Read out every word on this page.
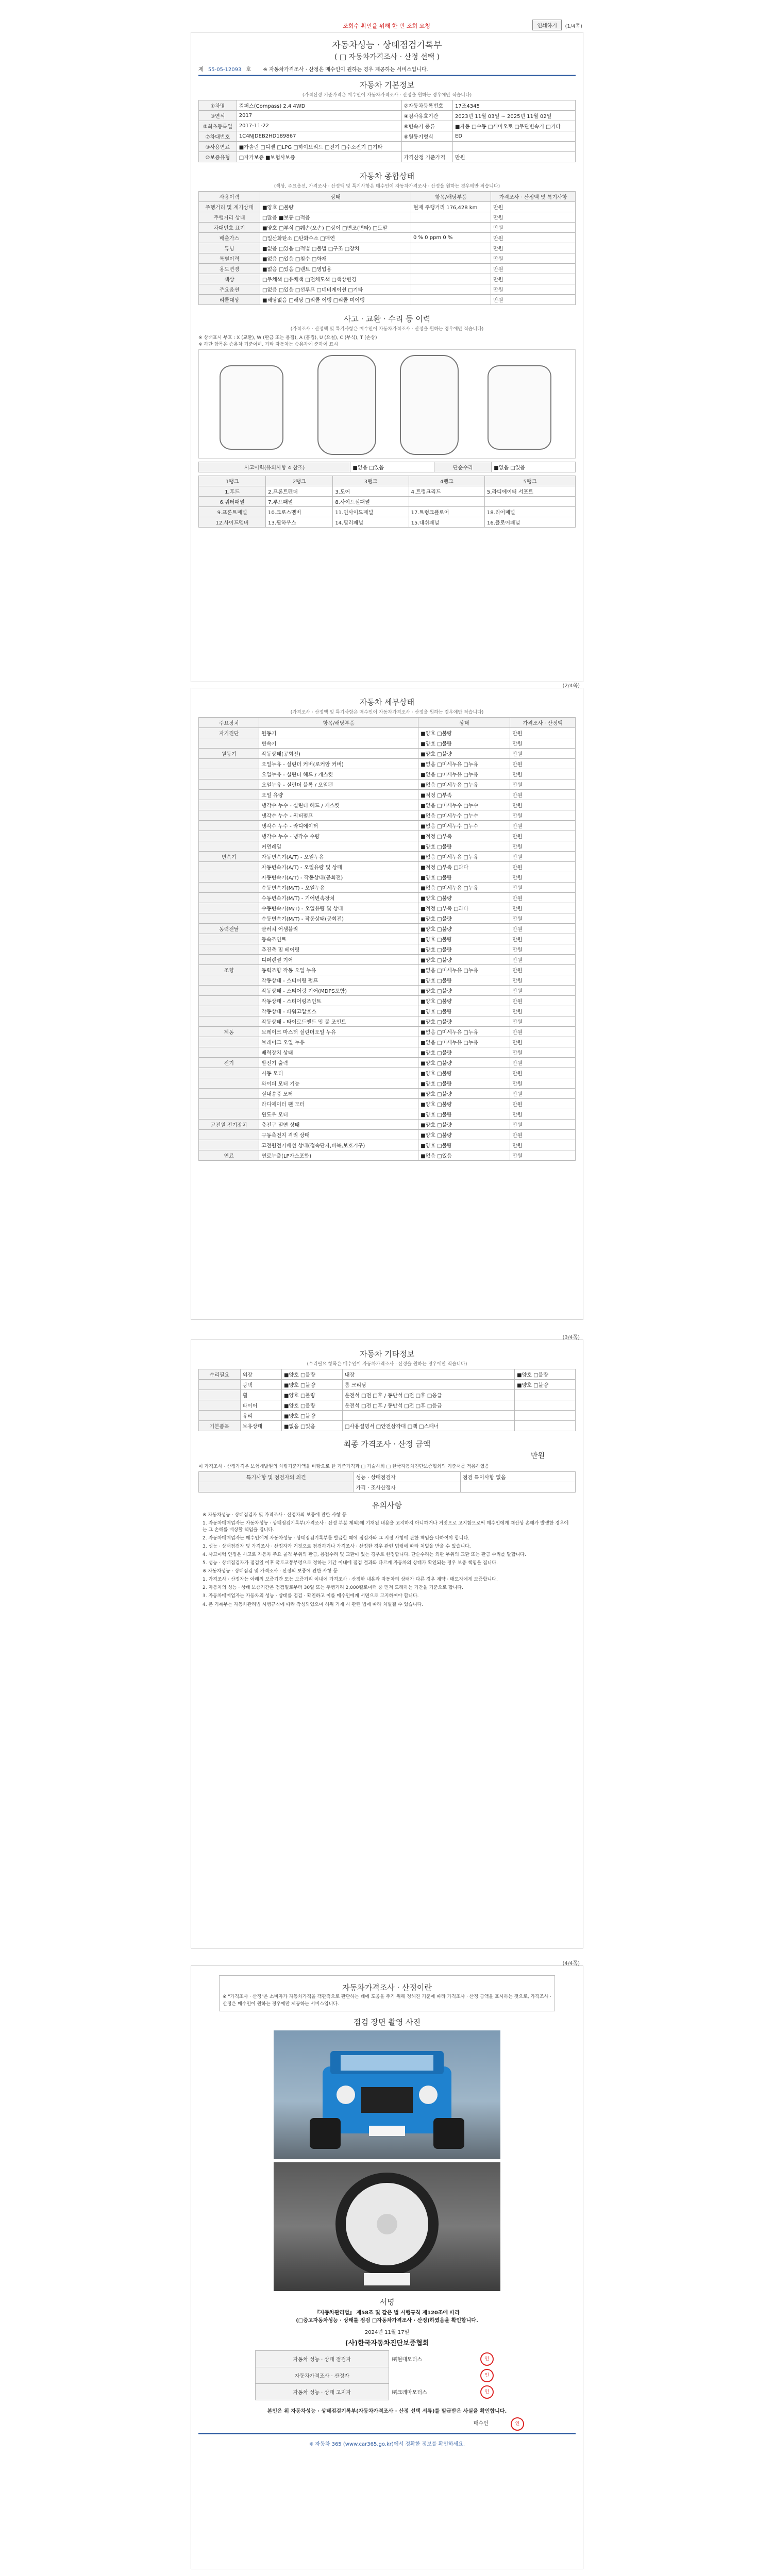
조회수 확인을 위해 한 번 조회 요청	인쇄하기	(1/4쪽)
자동차성능 · 상태점검기록부
( □ 자동차가격조사 · 산정 선택 )
제 55-05-12093 호 ※ 자동차가격조사 · 산정은 매수인이 원하는 경우 제공하는 서비스입니다.
자동차 기본정보
(가격산정 기준가격은 매수인이 자동차가격조사 · 산정을 원하는 경우에만 적습니다)
①차명	컴퍼스(Compass) 2.4 4WD	②자동차등록번호	17조4345
③연식	2017	④검사유효기간	2023년 11월 03일 ~ 2025년 11월 02일
⑤최초등록일	2017-11-22	⑥변속기 종류	■자동 □수동 □세미오토 □무단변속기 □기타
⑦차대번호	1C4NJDEB2HD189867	⑧원동기형식	ED
⑨사용연료	■가솔린 □디젤 □LPG □하이브리드 □전기 □수소전기 □기타		
⑩보증유형	□자가보증 ■보험사보증	가격산정 기준가격	만원
자동차 종합상태
(색상, 주요옵션, 가격조사 · 산정액 및 특기사항은 매수인이 자동차가격조사 · 산정을 원하는 경우에만 적습니다)
사용이력	상태	항목/해당부품	가격조사 · 산정액 및 특기사항
주행거리 및 계기상태	■양호 □불량	현재 주행거리 176,428 km	만원
주행거리 상태	□많음 ■보통 □적음		만원
차대번호 표기	■양호 □부식 □훼손(오손) □상이 □변조(변타) □도말		만원
배출가스	□일산화탄소 □탄화수소 □매연	0 % 0 ppm 0 %	만원
튜닝	■없음 □있음 □적법 □불법 □구조 □장치		만원
특별이력	■없음 □있음 □침수 □화재		만원
용도변경	■없음 □있음 □렌트 □영업용		만원
색상	□무채색 □유채색 □전체도색 □색상변경		만원
주요옵션	□없음 □있음 □선루프 □네비게이션 □기타		만원
리콜대상	■해당없음 □해당 □리콜 이행 □리콜 미이행		만원
사고 · 교환 · 수리 등 이력
(가격조사 · 산정액 및 특기사항은 매수인이 자동차가격조사 · 산정을 원하는 경우에만 적습니다)
※ 상태표시 부호 : X (교환), W (판금 또는 용접), A (흠집), U (요철), C (부식), T (손상)
※ 하단 항목은 승용차 기준이며, 기타 자동차는 승용차에 준하여 표시
사고이력(유의사항 4 참조)	■없음 □있음	단순수리	■없음 □있음
1랭크	2랭크	3랭크	4랭크	5랭크
1.후드	2.프론트펜더	3.도어	4.트렁크리드	5.라디에이터 서포트
6.쿼터패널	7.루프패널	8.사이드실패널		
9.프론트패널	10.크로스멤버	11.인사이드패널	17.트렁크플로어	18.리어패널
12.사이드멤버	13.휠하우스	14.필러패널	15.대쉬패널	16.플로어패널
(2/4쪽)
자동차 세부상태
(가격조사 · 산정액 및 특기사항은 매수인이 자동차가격조사 · 산정을 원하는 경우에만 적습니다)
주요장치	항목/해당부품	상태	가격조사 · 산정액
자기진단	원동기	■양호 □불량	만원
	변속기	■양호 □불량	만원
원동기	작동상태(공회전)	■양호 □불량	만원
	오일누유 - 실린더 커버(로커암 커버)	■없음 □미세누유 □누유	만원
	오일누유 - 실린더 헤드 / 개스킷	■없음 □미세누유 □누유	만원
	오일누유 - 실린더 블록 / 오일팬	■없음 □미세누유 □누유	만원
	오일 유량	■적정 □부족	만원
	냉각수 누수 - 실린더 헤드 / 개스킷	■없음 □미세누수 □누수	만원
	냉각수 누수 - 워터펌프	■없음 □미세누수 □누수	만원
	냉각수 누수 - 라디에이터	■없음 □미세누수 □누수	만원
	냉각수 누수 - 냉각수 수량	■적정 □부족	만원
	커먼레일	■양호 □불량	만원
변속기	자동변속기(A/T) - 오일누유	■없음 □미세누유 □누유	만원
	자동변속기(A/T) - 오일유량 및 상태	■적정 □부족 □과다	만원
	자동변속기(A/T) - 작동상태(공회전)	■양호 □불량	만원
	수동변속기(M/T) - 오일누유	■없음 □미세누유 □누유	만원
	수동변속기(M/T) - 기어변속장치	■양호 □불량	만원
	수동변속기(M/T) - 오일유량 및 상태	■적정 □부족 □과다	만원
	수동변속기(M/T) - 작동상태(공회전)	■양호 □불량	만원
동력전달	클러치 어셈블리	■양호 □불량	만원
	등속조인트	■양호 □불량	만원
	추진축 및 베어링	■양호 □불량	만원
	디퍼렌셜 기어	■양호 □불량	만원
조향	동력조향 작동 오일 누유	■없음 □미세누유 □누유	만원
	작동상태 - 스티어링 펌프	■양호 □불량	만원
	작동상태 - 스티어링 기어(MDPS포함)	■양호 □불량	만원
	작동상태 - 스티어링조인트	■양호 □불량	만원
	작동상태 - 파워고압호스	■양호 □불량	만원
	작동상태 - 타이로드엔드 및 볼 조인트	■양호 □불량	만원
제동	브레이크 마스터 실린더오일 누유	■없음 □미세누유 □누유	만원
	브레이크 오일 누유	■없음 □미세누유 □누유	만원
	배력장치 상태	■양호 □불량	만원
전기	발전기 출력	■양호 □불량	만원
	시동 모터	■양호 □불량	만원
	와이퍼 모터 기능	■양호 □불량	만원
	실내송풍 모터	■양호 □불량	만원
	라디에이터 팬 모터	■양호 □불량	만원
	윈도우 모터	■양호 □불량	만원
고전원 전기장치	충전구 절연 상태	■양호 □불량	만원
	구동축전지 격리 상태	■양호 □불량	만원
	고전원전기배선 상태(접속단자,피복,보호기구)	■양호 □불량	만원
연료	연료누출(LP가스포함)	■없음 □있음	만원
(3/4쪽)
자동차 기타정보
(수리필요 항목은 매수인이 자동차가격조사 · 산정을 원하는 경우에만 적습니다)
수리필요	외장	■양호 □불량	내장	■양호 □불량
	광택	■양호 □불량	룸 크리닝	■양호 □불량
	휠	■양호 □불량	운전석 □전 □후 / 동반석 □전 □후 □응급	
	타이어	■양호 □불량	운전석 □전 □후 / 동반석 □전 □후 □응급	
	유리	■양호 □불량		
기본품목	보유상태	■없음 □있음	□사용설명서 □안전삼각대 □잭 □스패너	
최종 가격조사 · 산정 금액
만원
이 가격조사 · 산정가격은 보험개발원의 차량기준가액을 바탕으로 한 기준가격과 □ 기술사회 □ 한국자동차진단보증협회의 기준서를 적용하였음
특기사항 및 점검자의 의견	성능 · 상태점검자	점검 특이사항 없음
	가격 · 조사산정자	
유의사항

※ 자동차성능 · 상태점검자 및 가격조사 · 산정자의 보증에 관한 사항 등

1. 자동차매매업자는 자동차성능 · 상태점검기록부(가격조사 · 산정 부분 제외)에 기재된 내용을 고지하지 아니하거나 거짓으로 고지함으로써 매수인에게 재산상 손해가 발생한 경우에는 그 손해를 배상할 책임을 집니다.

2. 자동차매매업자는 매수인에게 자동차성능 · 상태점검기록부를 발급할 때에 점검자와 그 지정 사항에 관한 책임을 다하여야 합니다.

3. 성능 · 상태점검자 및 가격조사 · 산정자가 거짓으로 점검하거나 가격조사 · 산정한 경우 관련 법령에 따라 처벌을 받을 수 있습니다.

4. 사고이력 인정은 사고로 자동차 주요 골격 부위의 판금, 용접수리 및 교환이 있는 경우로 한정합니다. 단순수리는 외판 부위의 교환 또는 판금 수리를 말합니다.

5. 성능 · 상태점검자가 점검일 이후 국토교통부령으로 정하는 기간 이내에 점검 결과와 다르게 자동차의 상태가 확인되는 경우 보증 책임을 집니다.

※ 자동차성능 · 상태점검 및 가격조사 · 산정의 보증에 관한 사항 등

1. 가격조사 · 산정자는 아래의 보증기간 또는 보증거리 이내에 가격조사 · 산정한 내용과 자동차의 상태가 다른 경우 계약 · 매도자에게 보증합니다.

2. 자동차의 성능 · 상태 보증기간은 점검일로부터 30일 또는 주행거리 2,000킬로미터 중 먼저 도래하는 기간을 기준으로 합니다.

3. 자동차매매업자는 자동차의 성능 · 상태를 점검 · 확인하고 이를 매수인에게 서면으로 고지하여야 합니다.

4. 본 기록부는 자동차관리법 시행규칙에 따라 작성되었으며 허위 기재 시 관련 법에 따라 처벌될 수 있습니다.

(4/4쪽)
자동차가격조사 · 산정이란
※ "가격조사 · 산정"은 소비자가 자동차가격을 객관적으로 판단하는 데에 도움을 주기 위해 정해진 기준에 따라 가격조사 · 산정 금액을 표시하는 것으로, 가격조사 · 산정은 매수인이 원하는 경우에만 제공하는 서비스입니다.
점검 장면 촬영 사진
서명
『자동차관리법』 제58조 및 같은 법 시행규칙 제120조에 따라
(□중고자동차성능 · 상태를 점검 □자동차가격조사 · 산정)하였음을 확인합니다.
2024년 11월 17일
(사)한국자동차진단보증협회
자동차 성능 · 상태 점검자	㈜현대모터스	인
자동차가격조사 · 산정자		인
자동차 성능 · 상태 고지자	㈜크레마모터스	인
본인은 위 자동차성능 · 상태점검기록부(자동차가격조사 · 산정 선택 서류)를 발급받은 사실을 확인합니다.
매수인	인
※ 자동차 365 (www.car365.go.kr)에서 정확한 정보를 확인하세요.
